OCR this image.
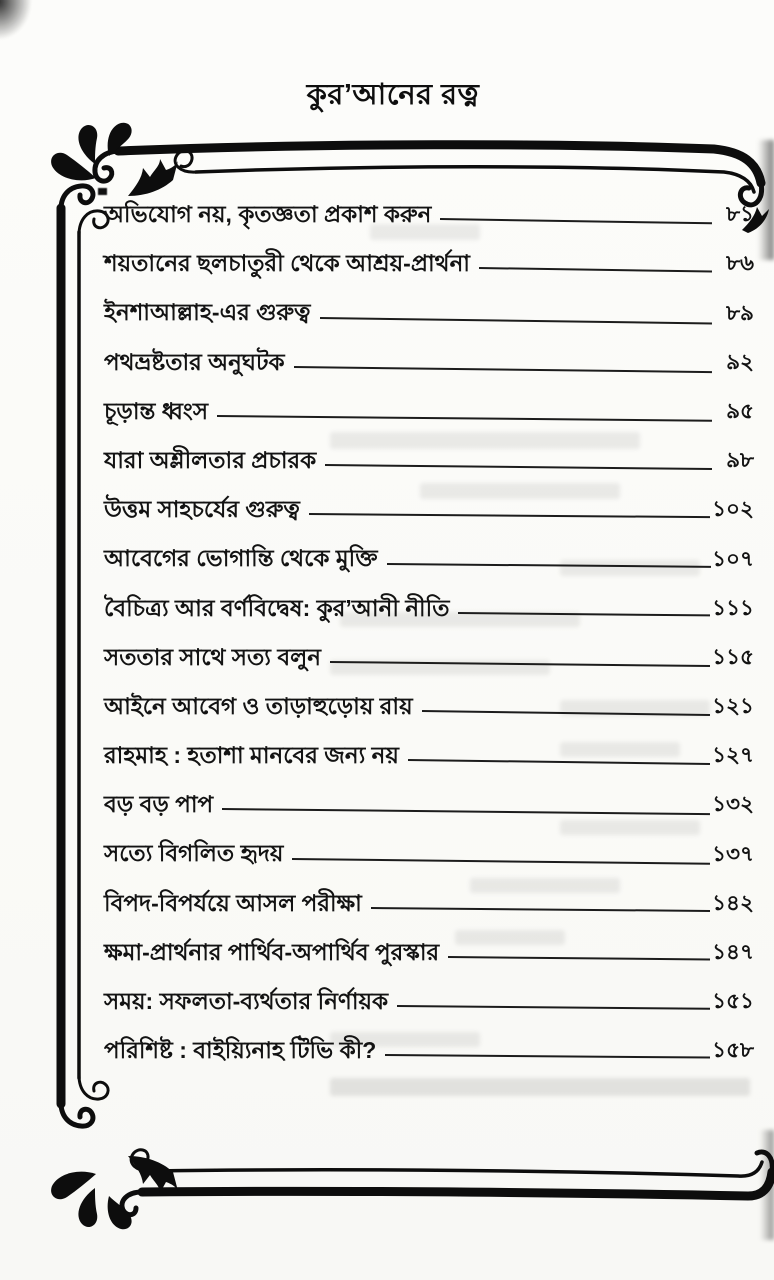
কুর’আনের রত্ন
অভিযোগ নয়, কৃতজ্ঞতা প্রকাশ করুন	৮১
শয়তানের ছলচাতুরী থেকে আশ্রয়-প্রার্থনা	৮৬
ইনশাআল্লাহ-এর গুরুত্ব	৮৯
পথভ্রষ্টতার অনুঘটক	৯২
চূড়ান্ত ধ্বংস	৯৫
যারা অশ্লীলতার প্রচারক	৯৮
উত্তম সাহচর্যের গুরুত্ব	১০২
আবেগের ভোগান্তি থেকে মুক্তি	১০৭
বৈচিত্র্য আর বর্ণবিদ্বেষ: কুর’আনী নীতি	১১১
সততার সাথে সত্য বলুন	১১৫
আইনে আবেগ ও তাড়াহুড়োয় রায়	১২১
রাহমাহ : হতাশা মানবের জন্য নয়	১২৭
বড় বড় পাপ	১৩২
সত্যে বিগলিত হৃদয়	১৩৭
বিপদ-বিপর্যয়ে আসল পরীক্ষা	১৪২
ক্ষমা-প্রার্থনার পার্থিব-অপার্থিব পুরস্কার	১৪৭
সময়: সফলতা-ব্যর্থতার নির্ণায়ক	১৫১
পরিশিষ্ট : বাইয়্যিনাহ টিভি কী?	১৫৮
